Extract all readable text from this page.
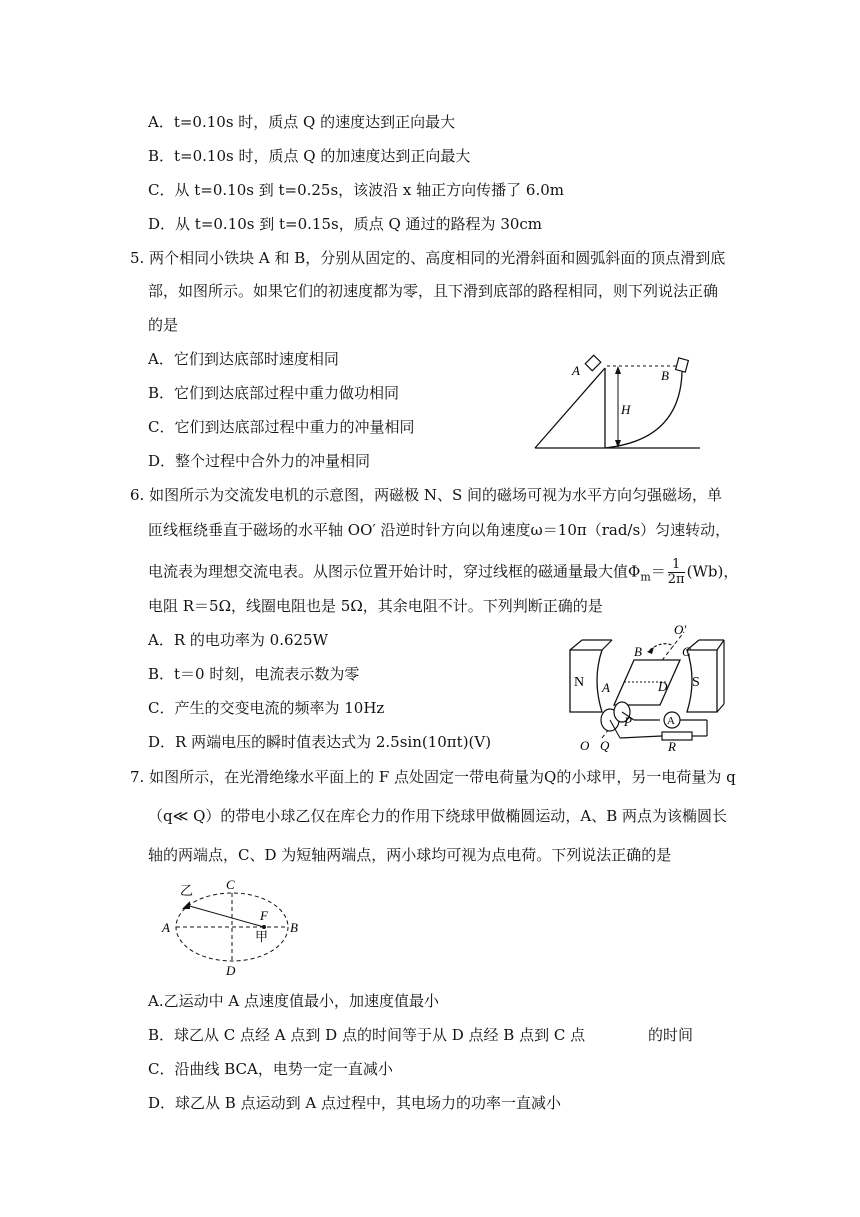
A．t=0.10s 时，质点 Q 的速度达到正向最大
B．t=0.10s 时，质点 Q 的加速度达到正向最大
C．从 t=0.10s 到 t=0.25s，该波沿 x 轴正方向传播了 6.0m
D．从 t=0.10s 到 t=0.15s，质点 Q 通过的路程为 30cm
5. 两个相同小铁块 A 和 B，分别从固定的、高度相同的光滑斜面和圆弧斜面的顶点滑到底
部，如图所示。如果它们的初速度都为零，且下滑到底部的路程相同，则下列说法正确
的是
A．它们到达底部时速度相同
B．它们到达底部过程中重力做功相同
C．它们到达底部过程中重力的冲量相同
D．整个过程中合外力的冲量相同
A	B
H
6. 如图所示为交流发电机的示意图，两磁极 N、S 间的磁场可视为水平方向匀强磁场，单
匝线框绕垂直于磁场的水平轴 OO′ 沿逆时针方向以角速度ω＝10π（rad/s）匀速转动，
电流表为理想交流电表。从图示位置开始计时，穿过线框的磁通量最大值$\Phi_m= \frac{1}{2\pi} (Wb)$，
电阻 R＝5Ω，线圈电阻也是 5Ω，其余电阻不计。下列判断正确的是
A．R 的电功率为 0.625W
B．t＝0 时刻，电流表示数为零
C．产生的交变电流的频率为 10Hz
D．R 两端电压的瞬时值表达式为 2.5sin(10πt)(V)
N	S
B	C
D
A
O′
O
P
Q	R
A
7. 如图所示，在光滑绝缘水平面上的 F 点处固定一带电荷量为Q的小球甲，另一电荷量为 q
（q≪ Q）的带电小球乙仅在库仑力的作用下绕球甲做椭圆运动，A、B 两点为该椭圆长
轴的两端点，C、D 为短轴两端点，两小球均可视为点电荷。下列说法正确的是
乙	C
A
F
甲
B
D
A.乙运动中 A 点速度值最小，加速度值最小
B．球乙从 C 点经 A 点到 D 点的时间等于从 D 点经 B 点到 C 点	的时间
C．沿曲线 BCA，电势一定一直减小
D．球乙从 B 点运动到 A 点过程中，其电场力的功率一直减小
